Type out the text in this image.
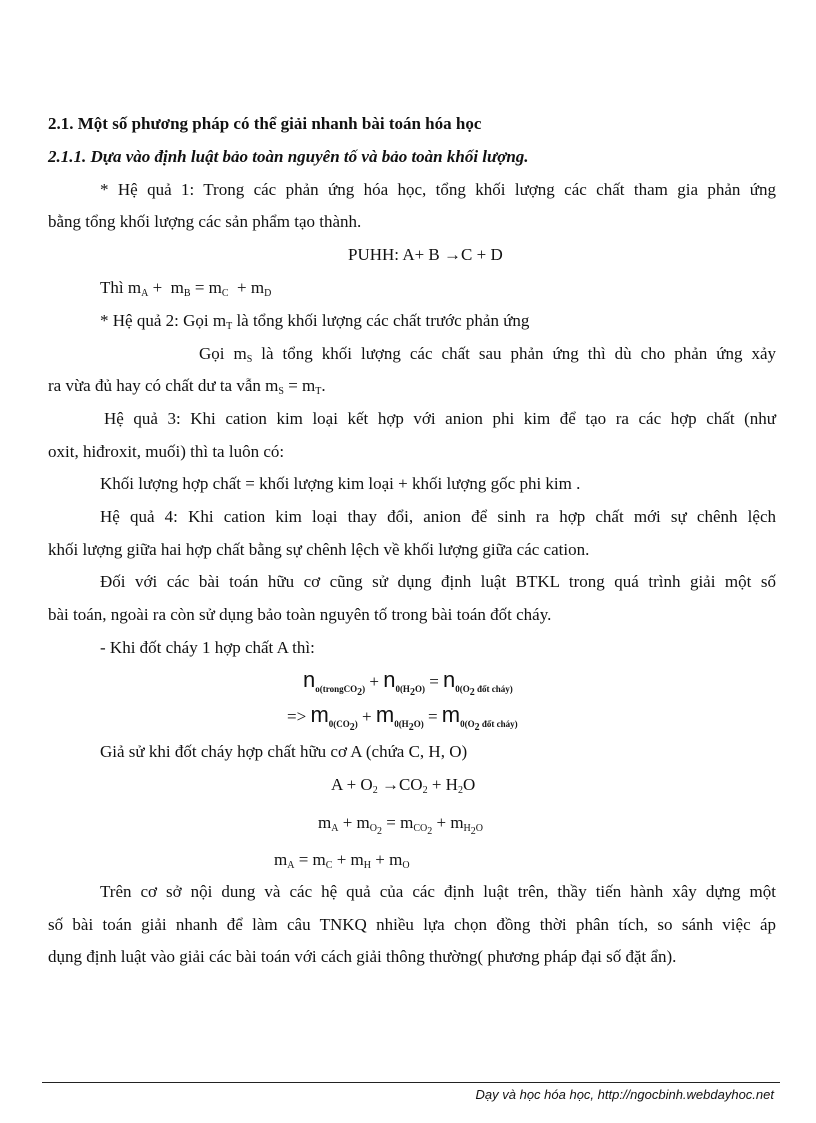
2.1. Một số phương pháp có thể giải nhanh bài toán hóa học
2.1.1. Dựa vào định luật bảo toàn nguyên tố và bảo toàn khối lượng.
* Hệ quả 1: Trong các phản ứng hóa học, tổng khối lượng các chất tham gia phản ứng
bằng tổng khối lượng các sản phẩm tạo thành.
PUHH: A+ B →C + D
Thì $m_A + m_B = m_C + m_D$
* Hệ quả 2: Gọi $m_T$ là tổng khối lượng các chất trước phản ứng
Gọi $m_S$ là tổng khối lượng các chất sau phản ứng thì dù cho phản ứng xảy
ra vừa đủ hay có chất dư ta vẫn $m_S = m_T$.
Hệ quả 3: Khi cation kim loại kết hợp với anion phi kim để tạo ra các hợp chất (như
oxit, hiđroxit, muối) thì ta luôn có:
Khối lượng hợp chất = khối lượng kim loại + khối lượng gốc phi kim .
Hệ quả 4: Khi cation kim loại thay đổi, anion để sinh ra hợp chất mới sự chênh lệch
khối lượng giữa hai hợp chất bằng sự chênh lệch về khối lượng giữa các cation.
Đối với các bài toán hữu cơ cũng sử dụng định luật BTKL trong quá trình giải một số
bài toán, ngoài ra còn sử dụng bảo toàn nguyên tố trong bài toán đốt cháy.
- Khi đốt cháy 1 hợp chất A thì:
$n_{o(trongCO_2)} + n_{0(H_2O)} = n_{0(O_2 đốt cháy)}$
=> $m_{0(CO_2)} + m_{0(H_2O)} = m_{0(O_2 đốt cháy)}$
Giả sử khi đốt cháy hợp chất hữu cơ A (chứa C, H, O)
$A + O_2 \to CO_2 + H_2O$
$m_A + m_{O_2} = m_{CO_2} + m_{H_2O}$
$m_A = m_C + m_H + m_O$
Trên cơ sở nội dung và các hệ quả của các định luật trên, thầy tiến hành xây dựng một
số bài toán giải nhanh để làm câu TNKQ nhiều lựa chọn đồng thời phân tích, so sánh việc áp
dụng định luật vào giải các bài toán với cách giải thông thường( phương pháp đại số đặt ẩn).
Dạy và học hóa học, http://ngocbinh.webdayhoc.net
